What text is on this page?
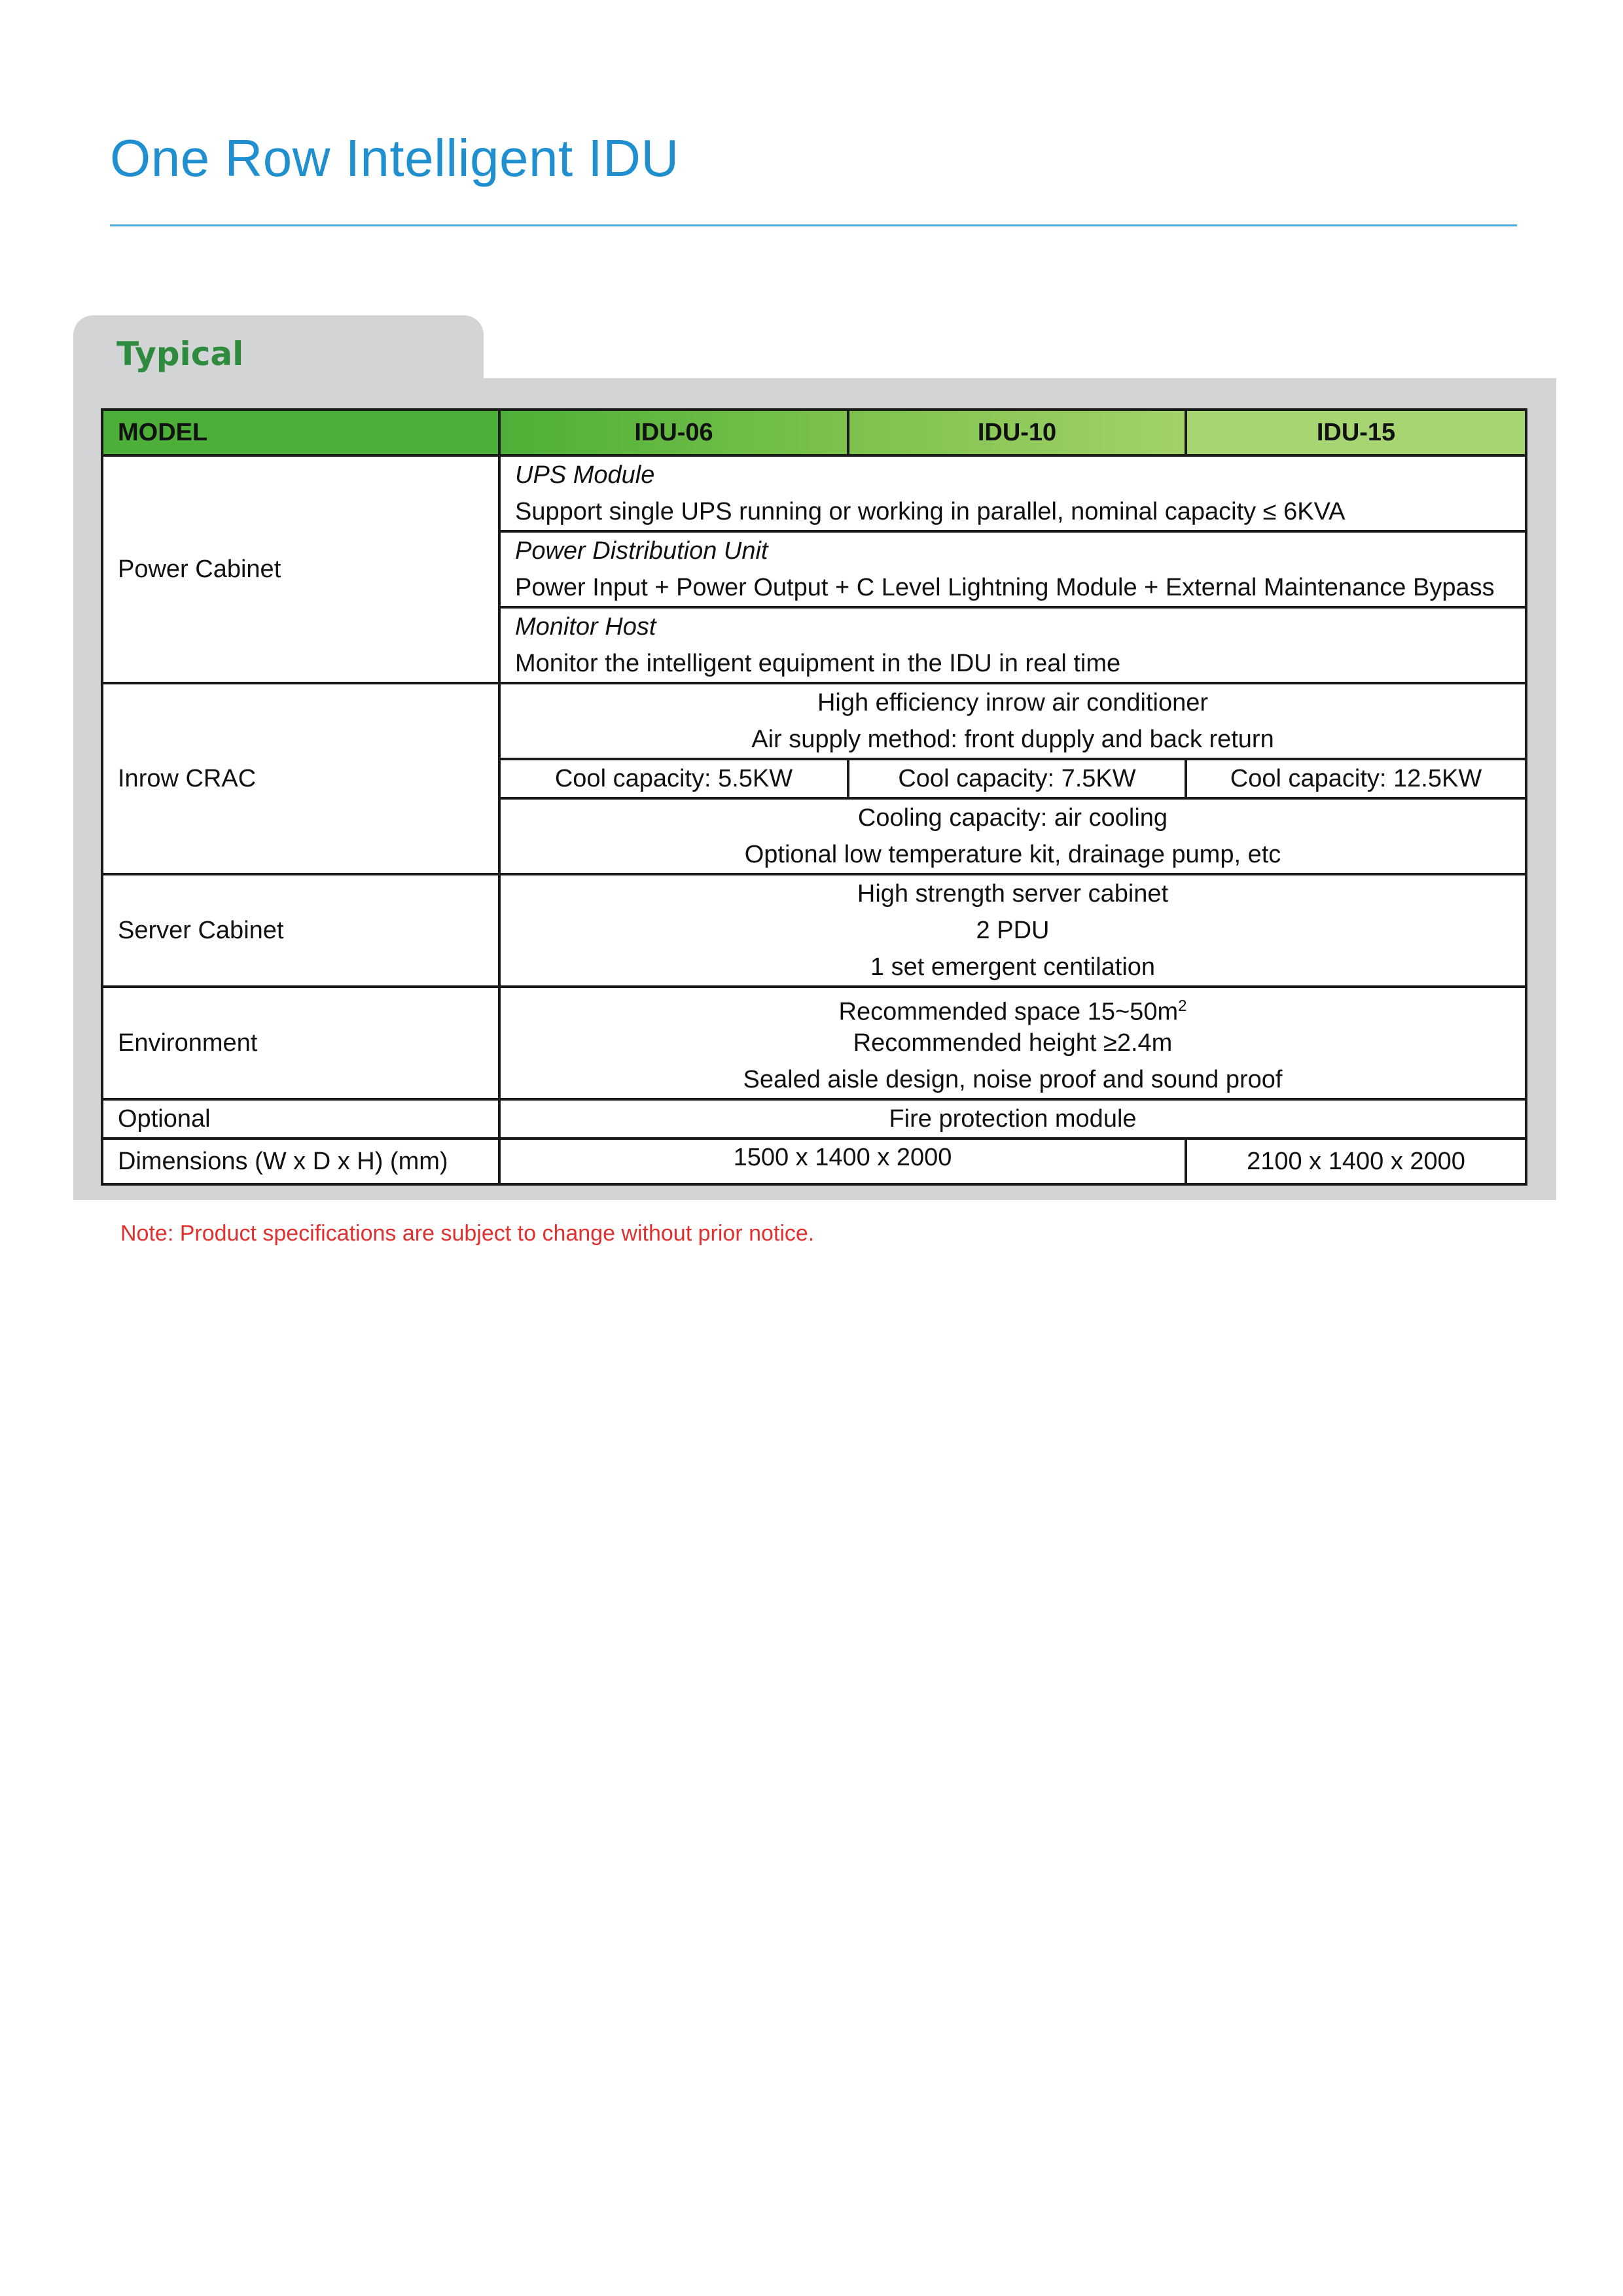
One Row Intelligent IDU
Typical
MODEL	IDU-06	IDU-10	IDU-15
Power Cabinet	UPS Module
Support single UPS running or working in parallel, nominal capacity ≤ 6KVA		

	Power Distribution Unit
Power Input + Power Output + C Level Lightning Module + External Maintenance Bypass		

	Monitor Host
Monitor the intelligent equipment in the IDU in real time		

Inrow CRAC	High efficiency inrow air conditioner
Air supply method: front dupply and back return		

	Cool capacity: 5.5KW	Cool capacity: 7.5KW	Cool capacity: 12.5KW

	Cooling capacity: air cooling
Optional low temperature kit, drainage pump, etc		

Server Cabinet	High strength server cabinet
2 PDU
1 set emergent centilation		

Environment	Recommended space $15\sim 50m^2$
Recommended height ≥2.4m
Sealed aisle design, noise proof and sound proof		

Optional	Fire protection module		
Dimensions (W x D x H) (mm)	1500 x 1400 x 2000		2100 x 1400 x 2000
Note: Product specifications are subject to change without prior notice.
